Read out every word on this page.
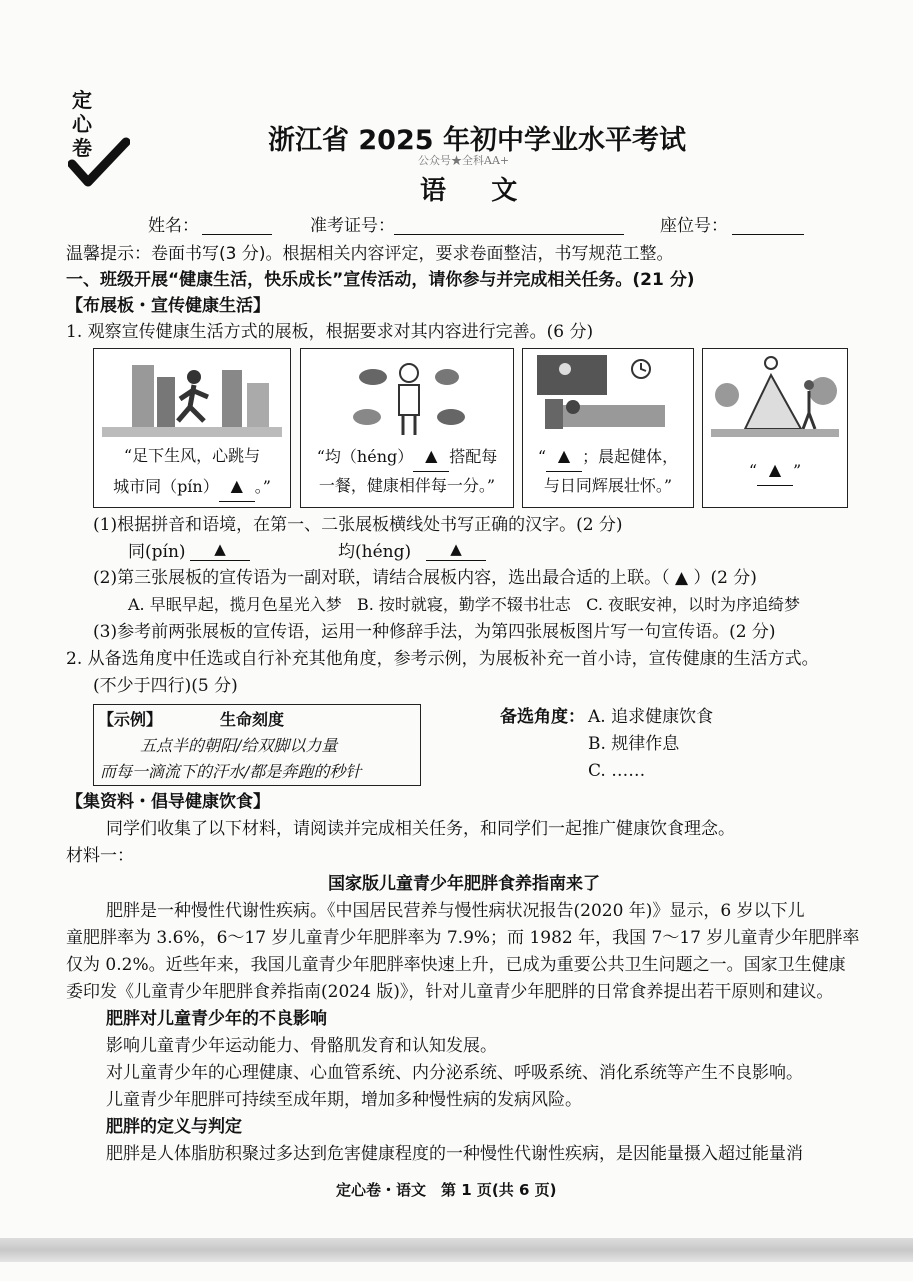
定心卷	浙江省 2025 年初中学业水平考试
公众号★全科AA+
语     文
姓名：	准考证号：	座位号：
温馨提示：卷面书写(3 分)。根据相关内容评定，要求卷面整洁，书写规范工整。
一、班级开展“健康生活，快乐成长”宣传活动，请你参与并完成相关任务。(21 分)
【布展板・宣传健康生活】
1. 观察宣传健康生活方式的展板，根据要求对其内容进行完善。(6 分)
“足下生风，心跳与
城市同（pín） ▲ 。”
“均（héng） ▲ 搭配每
一餐，健康相伴每一分。”
“ ▲ ；晨起健体，
与日同辉展壮怀。”
“ ▲ ”
(1)根据拼音和语境，在第一、二张展板横线处书写正确的汉字。(2 分)
同(pín)	▲	均(héng)	▲
(2)第三张展板的宣传语为一副对联，请结合展板内容，选出最合适的上联。（ ▲ ）(2 分)
A. 早眠早起，揽月色星光入梦   B. 按时就寝，勤学不辍书壮志   C. 夜眠安神，以时为序追绮梦
(3)参考前两张展板的宣传语，运用一种修辞手法，为第四张展板图片写一句宣传语。(2 分)
2. 从备选角度中任选或自行补充其他角度，参考示例，为展板补充一首小诗，宣传健康的生活方式。
(不少于四行)(5 分)
【示例】	生命刻度
五点半的朝阳/给双脚以力量
而每一滴流下的汗水/都是奔跑的秒针
备选角度： A. 追求健康饮食
B. 规律作息
C. ……
【集资料・倡导健康饮食】
同学们收集了以下材料，请阅读并完成相关任务，和同学们一起推广健康饮食理念。
材料一：
国家版儿童青少年肥胖食养指南来了
肥胖是一种慢性代谢性疾病。《中国居民营养与慢性病状况报告(2020 年)》显示，6 岁以下儿
童肥胖率为 3.6%，6～17 岁儿童青少年肥胖率为 7.9%；而 1982 年，我国 7～17 岁儿童青少年肥胖率
仅为 0.2%。近些年来，我国儿童青少年肥胖率快速上升，已成为重要公共卫生问题之一。国家卫生健康
委印发《儿童青少年肥胖食养指南(2024 版)》，针对儿童青少年肥胖的日常食养提出若干原则和建议。
肥胖对儿童青少年的不良影响
影响儿童青少年运动能力、骨骼肌发育和认知发展。
对儿童青少年的心理健康、心血管系统、内分泌系统、呼吸系统、消化系统等产生不良影响。
儿童青少年肥胖可持续至成年期，增加多种慢性病的发病风险。
肥胖的定义与判定
肥胖是人体脂肪积聚过多达到危害健康程度的一种慢性代谢性疾病，是因能量摄入超过能量消
定心卷・语文　第 1 页(共 6 页)
